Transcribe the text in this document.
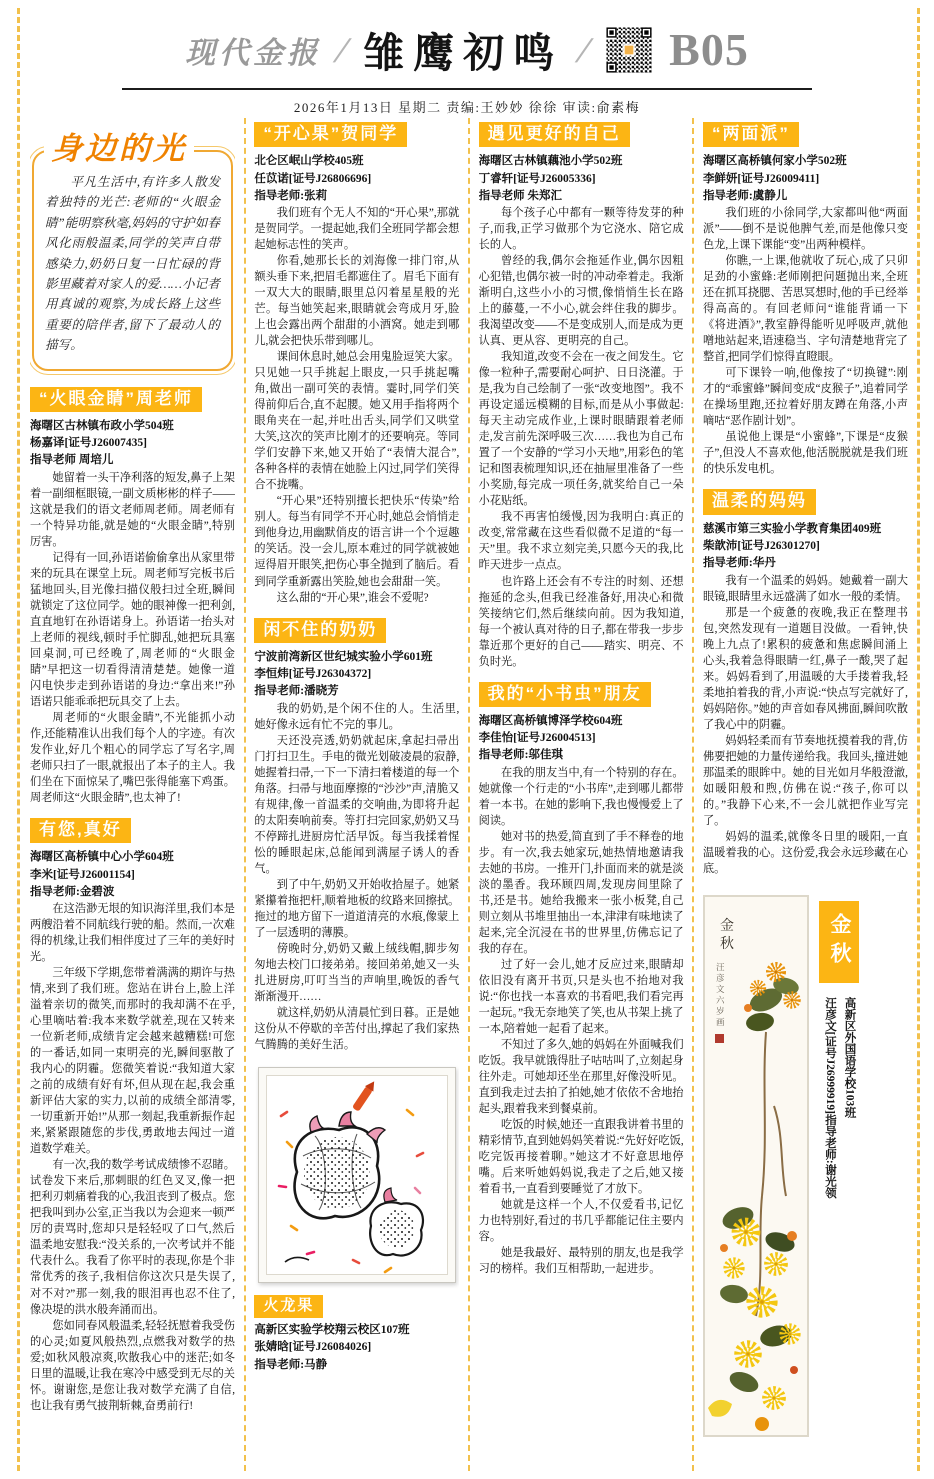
现代金报 / 雏鹰初鸣 / B05
2026年1月13日 星期二 责编:王妙妙 徐徐 审读:俞素梅
身边的光

平凡生活中,有许多人散发着独特的光芒:老师的“火眼金睛”能明察秋毫,妈妈的守护如春风化雨般温柔,同学的笑声自带感染力,奶奶日复一日忙碌的背影里藏着对家人的爱……小记者用真诚的观察,为成长路上这些重要的陪伴者,留下了最动人的描写。

“火眼金睛”周老师
海曙区古林镇布政小学504班
杨嘉译[证号J26007435]
指导老师 周培儿

她留着一头干净利落的短发,鼻子上架着一副细框眼镜,一副文质彬彬的样子——这就是我们的语文老师周老师。周老师有一个特异功能,就是她的“火眼金睛”,特别厉害。

记得有一回,孙语诺偷偷拿出从家里带来的玩具在课堂上玩。周老师写完板书后猛地回头,目光像扫描仪般扫过全班,瞬间就锁定了这位同学。她的眼神像一把利剑,直直地钉在孙语诺身上。孙语诺一抬头对上老师的视线,顿时手忙脚乱,她把玩具塞回桌洞,可已经晚了,周老师的“火眼金睛”早把这一切看得清清楚楚。她像一道闪电快步走到孙语诺的身边:“拿出来!”孙语诺只能乖乖把玩具交了上去。

周老师的“火眼金睛”,不光能抓小动作,还能精准认出我们每个人的字迹。有次发作业,好几个粗心的同学忘了写名字,周老师只扫了一眼,就报出了本子的主人。我们坐在下面惊呆了,嘴巴张得能塞下鸡蛋。周老师这“火眼金睛”,也太神了!

有您,真好
海曙区高桥镇中心小学604班
李米[证号J26001154]
指导老师:金碧波

在这浩渺无垠的知识海洋里,我们本是两艘沿着不同航线行驶的船。然而,一次难得的机缘,让我们相伴度过了三年的美好时光。

三年级下学期,您带着满满的期许与热情,来到了我们班。您站在讲台上,脸上洋溢着亲切的微笑,而那时的我却满不在乎,心里嘀咕着:我本来数学就差,现在又转来一位新老师,成绩肯定会越来越糟糕!可您的一番话,如同一束明亮的光,瞬间驱散了我内心的阴霾。您微笑着说:“我知道大家之前的成绩有好有坏,但从现在起,我会重新评估大家的实力,以前的成绩全部清零,一切重新开始!”从那一刻起,我重新振作起来,紧紧跟随您的步伐,勇敢地去闯过一道道数学难关。

有一次,我的数学考试成绩惨不忍睹。试卷发下来后,那刺眼的红色叉叉,像一把把利刃刺痛着我的心,我沮丧到了极点。您把我叫到办公室,正当我以为会迎来一顿严厉的责骂时,您却只是轻轻叹了口气,然后温柔地安慰我:“没关系的,一次考试并不能代表什么。我看了你平时的表现,你是个非常优秀的孩子,我相信你这次只是失误了,对不对?”那一刻,我的眼泪再也忍不住了,像决堤的洪水般奔涌而出。

您如同春风般温柔,轻轻抚慰着我受伤的心灵;如夏风般热烈,点燃我对数学的热爱;如秋风般凉爽,吹散我心中的迷茫;如冬日里的温暖,让我在寒冷中感受到无尽的关怀。谢谢您,是您让我对数学充满了自信,也让我有勇气披荆斩棘,奋勇前行!

“开心果”贺同学
北仑区岷山学校405班
任苡诺[证号J26806696]
指导老师:张莉

我们班有个无人不知的“开心果”,那就是贺同学。一提起她,我们全班同学都会想起她标志性的笑声。

你看,她那长长的刘海像一排门帘,从额头垂下来,把眉毛都遮住了。眉毛下面有一双大大的眼睛,眼里总闪着星星般的光芒。每当她笑起来,眼睛就会弯成月牙,脸上也会露出两个甜甜的小酒窝。她走到哪儿,就会把快乐带到哪儿。

课间休息时,她总会用鬼脸逗笑大家。只见她一只手挑起上眼皮,一只手挑起嘴角,做出一副可笑的表情。霎时,同学们笑得前仰后合,直不起腰。她又用手指将两个眼角夹在一起,并吐出舌头,同学们又哄堂大笑,这次的笑声比刚才的还要响亮。等同学们安静下来,她又开始了“表情大混合”,各种各样的表情在她脸上闪过,同学们笑得合不拢嘴。

“开心果”还特别擅长把快乐“传染”给别人。每当有同学不开心时,她总会悄悄走到他身边,用幽默俏皮的语言讲一个个逗趣的笑话。没一会儿,原本难过的同学就被她逗得眉开眼笑,把伤心事全抛到了脑后。看到同学重新露出笑脸,她也会甜甜一笑。

这么甜的“开心果”,谁会不爱呢?

闲不住的奶奶
宁波前湾新区世纪城实验小学601班
李恒炜[证号J26304372]
指导老师:潘晓芳

我的奶奶,是个闲不住的人。生活里,她好像永远有忙不完的事儿。

天还没亮透,奶奶就起床,拿起扫帚出门打扫卫生。手电的微光划破凌晨的寂静,她握着扫帚,一下一下清扫着楼道的每一个角落。扫帚与地面摩擦的“沙沙”声,清脆又有规律,像一首温柔的交响曲,为即将升起的太阳奏响前奏。等打扫完回家,奶奶又马不停蹄扎进厨房忙活早饭。每当我揉着惺忪的睡眼起床,总能闻到满屋子诱人的香气。

到了中午,奶奶又开始收拾屋子。她紧紧攥着拖把杆,顺着地板的纹路来回擦拭。拖过的地方留下一道道清亮的水痕,像蒙上了一层透明的薄膜。

傍晚时分,奶奶又戴上绒线帽,脚步匆匆地去校门口接弟弟。接回弟弟,她又一头扎进厨房,叮叮当当的声响里,晚饭的香气渐渐漫开……

就这样,奶奶从清晨忙到日暮。正是她这份从不停歇的辛苦付出,撑起了我们家热气腾腾的美好生活。

火龙果
高新区实验学校翔云校区107班
张婧晗[证号J26084026]
指导老师:马静
遇见更好的自己
海曙区古林镇藕池小学502班
丁睿轩[证号J26005336]
指导老师 朱郑汇

每个孩子心中都有一颗等待发芽的种子,而我,正学习做那个为它浇水、陪它成长的人。

曾经的我,偶尔会拖延作业,偶尔因粗心犯错,也偶尔被一时的冲动牵着走。我渐渐明白,这些小小的习惯,像悄悄生长在路上的藤蔓,一不小心,就会绊住我的脚步。我渴望改变——不是变成别人,而是成为更认真、更从容、更明亮的自己。

我知道,改变不会在一夜之间发生。它像一粒种子,需要耐心呵护、日日浇灌。于是,我为自己绘制了一张“改变地图”。我不再设定遥远模糊的目标,而是从小事做起:每天主动完成作业,上课时眼睛跟着老师走,发言前先深呼吸三次……我也为自己布置了一个安静的“学习小天地”,用彩色的笔记和图表梳理知识,还在抽屉里准备了一些小奖励,每完成一项任务,就奖给自己一朵小花贴纸。

我不再害怕缓慢,因为我明白:真正的改变,常常藏在这些看似微不足道的“每一天”里。我不求立刻完美,只愿今天的我,比昨天进步一点点。

也许路上还会有不专注的时刻、还想拖延的念头,但我已经准备好,用决心和微笑接纳它们,然后继续向前。因为我知道,每一个被认真对待的日子,都在带我一步步靠近那个更好的自己——踏实、明亮、不负时光。

我的“小书虫”朋友
海曙区高桥镇博泽学校604班
李佳怡[证号J26004513]
指导老师:邬佳琪

在我的朋友当中,有一个特别的存在。她就像一个行走的“小书库”,走到哪儿都带着一本书。在她的影响下,我也慢慢爱上了阅读。

她对书的热爱,简直到了手不释卷的地步。有一次,我去她家玩,她热情地邀请我去她的书房。一推开门,扑面而来的就是淡淡的墨香。我环顾四周,发现房间里除了书,还是书。她给我搬来一张小板凳,自己则立刻从书堆里抽出一本,津津有味地读了起来,完全沉浸在书的世界里,仿佛忘记了我的存在。

过了好一会儿,她才反应过来,眼睛却依旧没有离开书页,只是头也不抬地对我说:“你也找一本喜欢的书看吧,我们看完再一起玩。”我无奈地笑了笑,也从书架上挑了一本,陪着她一起看了起来。

不知过了多久,她的妈妈在外面喊我们吃饭。我早就饿得肚子咕咕叫了,立刻起身往外走。可她却还坐在那里,好像没听见。直到我走过去拍了拍她,她才依依不舍地抬起头,跟着我来到餐桌前。

吃饭的时候,她还一直跟我讲着书里的精彩情节,直到她妈妈笑着说:“先好好吃饭,吃完饭再接着聊。”她这才不好意思地停嘴。后来听她妈妈说,我走了之后,她又接着看书,一直看到要睡觉了才放下。

她就是这样一个人,不仅爱看书,记忆力也特别好,看过的书几乎都能记住主要内容。

她是我最好、最特别的朋友,也是我学习的榜样。我们互相帮助,一起进步。

“两面派”
海曙区高桥镇何家小学502班
李鲜妍[证号J26009411]
指导老师:虞静儿

我们班的小徐同学,大家都叫他“两面派”——倒不是说他脾气差,而是他像只变色龙,上课下课能“变”出两种模样。

你瞧,一上课,他就收了玩心,成了只卯足劲的小蜜蜂:老师刚把问题抛出来,全班还在抓耳挠腮、苦思冥想时,他的手已经举得高高的。有回老师问“谁能背诵一下《将进酒》”,教室静得能听见呼吸声,就他噌地站起来,语速稳当、字句清楚地背完了整首,把同学们惊得直瞪眼。

可下课铃一响,他像按了“切换键”:刚才的“乖蜜蜂”瞬间变成“皮猴子”,追着同学在操场里跑,还拉着好朋友蹲在角落,小声嘀咕“恶作剧计划”。

虽说他上课是“小蜜蜂”,下课是“皮猴子”,但没人不喜欢他,他活脱脱就是我们班的快乐发电机。

温柔的妈妈
慈溪市第三实验小学教育集团409班
柴歆沛[证号J26301270]
指导老师:华丹

我有一个温柔的妈妈。她戴着一副大眼镜,眼睛里永远盛满了如水一般的柔情。

那是一个疲惫的夜晚,我正在整理书包,突然发现有一道题目没做。一看钟,快晚上九点了!累积的疲惫和焦虑瞬间涌上心头,我着急得眼睛一红,鼻子一酸,哭了起来。妈妈看到了,用温暖的大手搂着我,轻柔地拍着我的背,小声说:“快点写完就好了,妈妈陪你。”她的声音如春风拂面,瞬间吹散了我心中的阴霾。

妈妈轻柔而有节奏地抚摸着我的背,仿佛要把她的力量传递给我。我回头,撞进她那温柔的眼眸中。她的目光如月华般澄澈,如暖阳般和煦,仿佛在说:“孩子,你可以的。”我静下心来,不一会儿就把作业写完了。

妈妈的温柔,就像冬日里的暖阳,一直温暖着我的心。这份爱,我会永远珍藏在心底。

金
秋
汪
彦
文
六
岁
画
金秋
高新区外国语学校103班
汪彦文[证号J26999919]指导老师:谢光领
